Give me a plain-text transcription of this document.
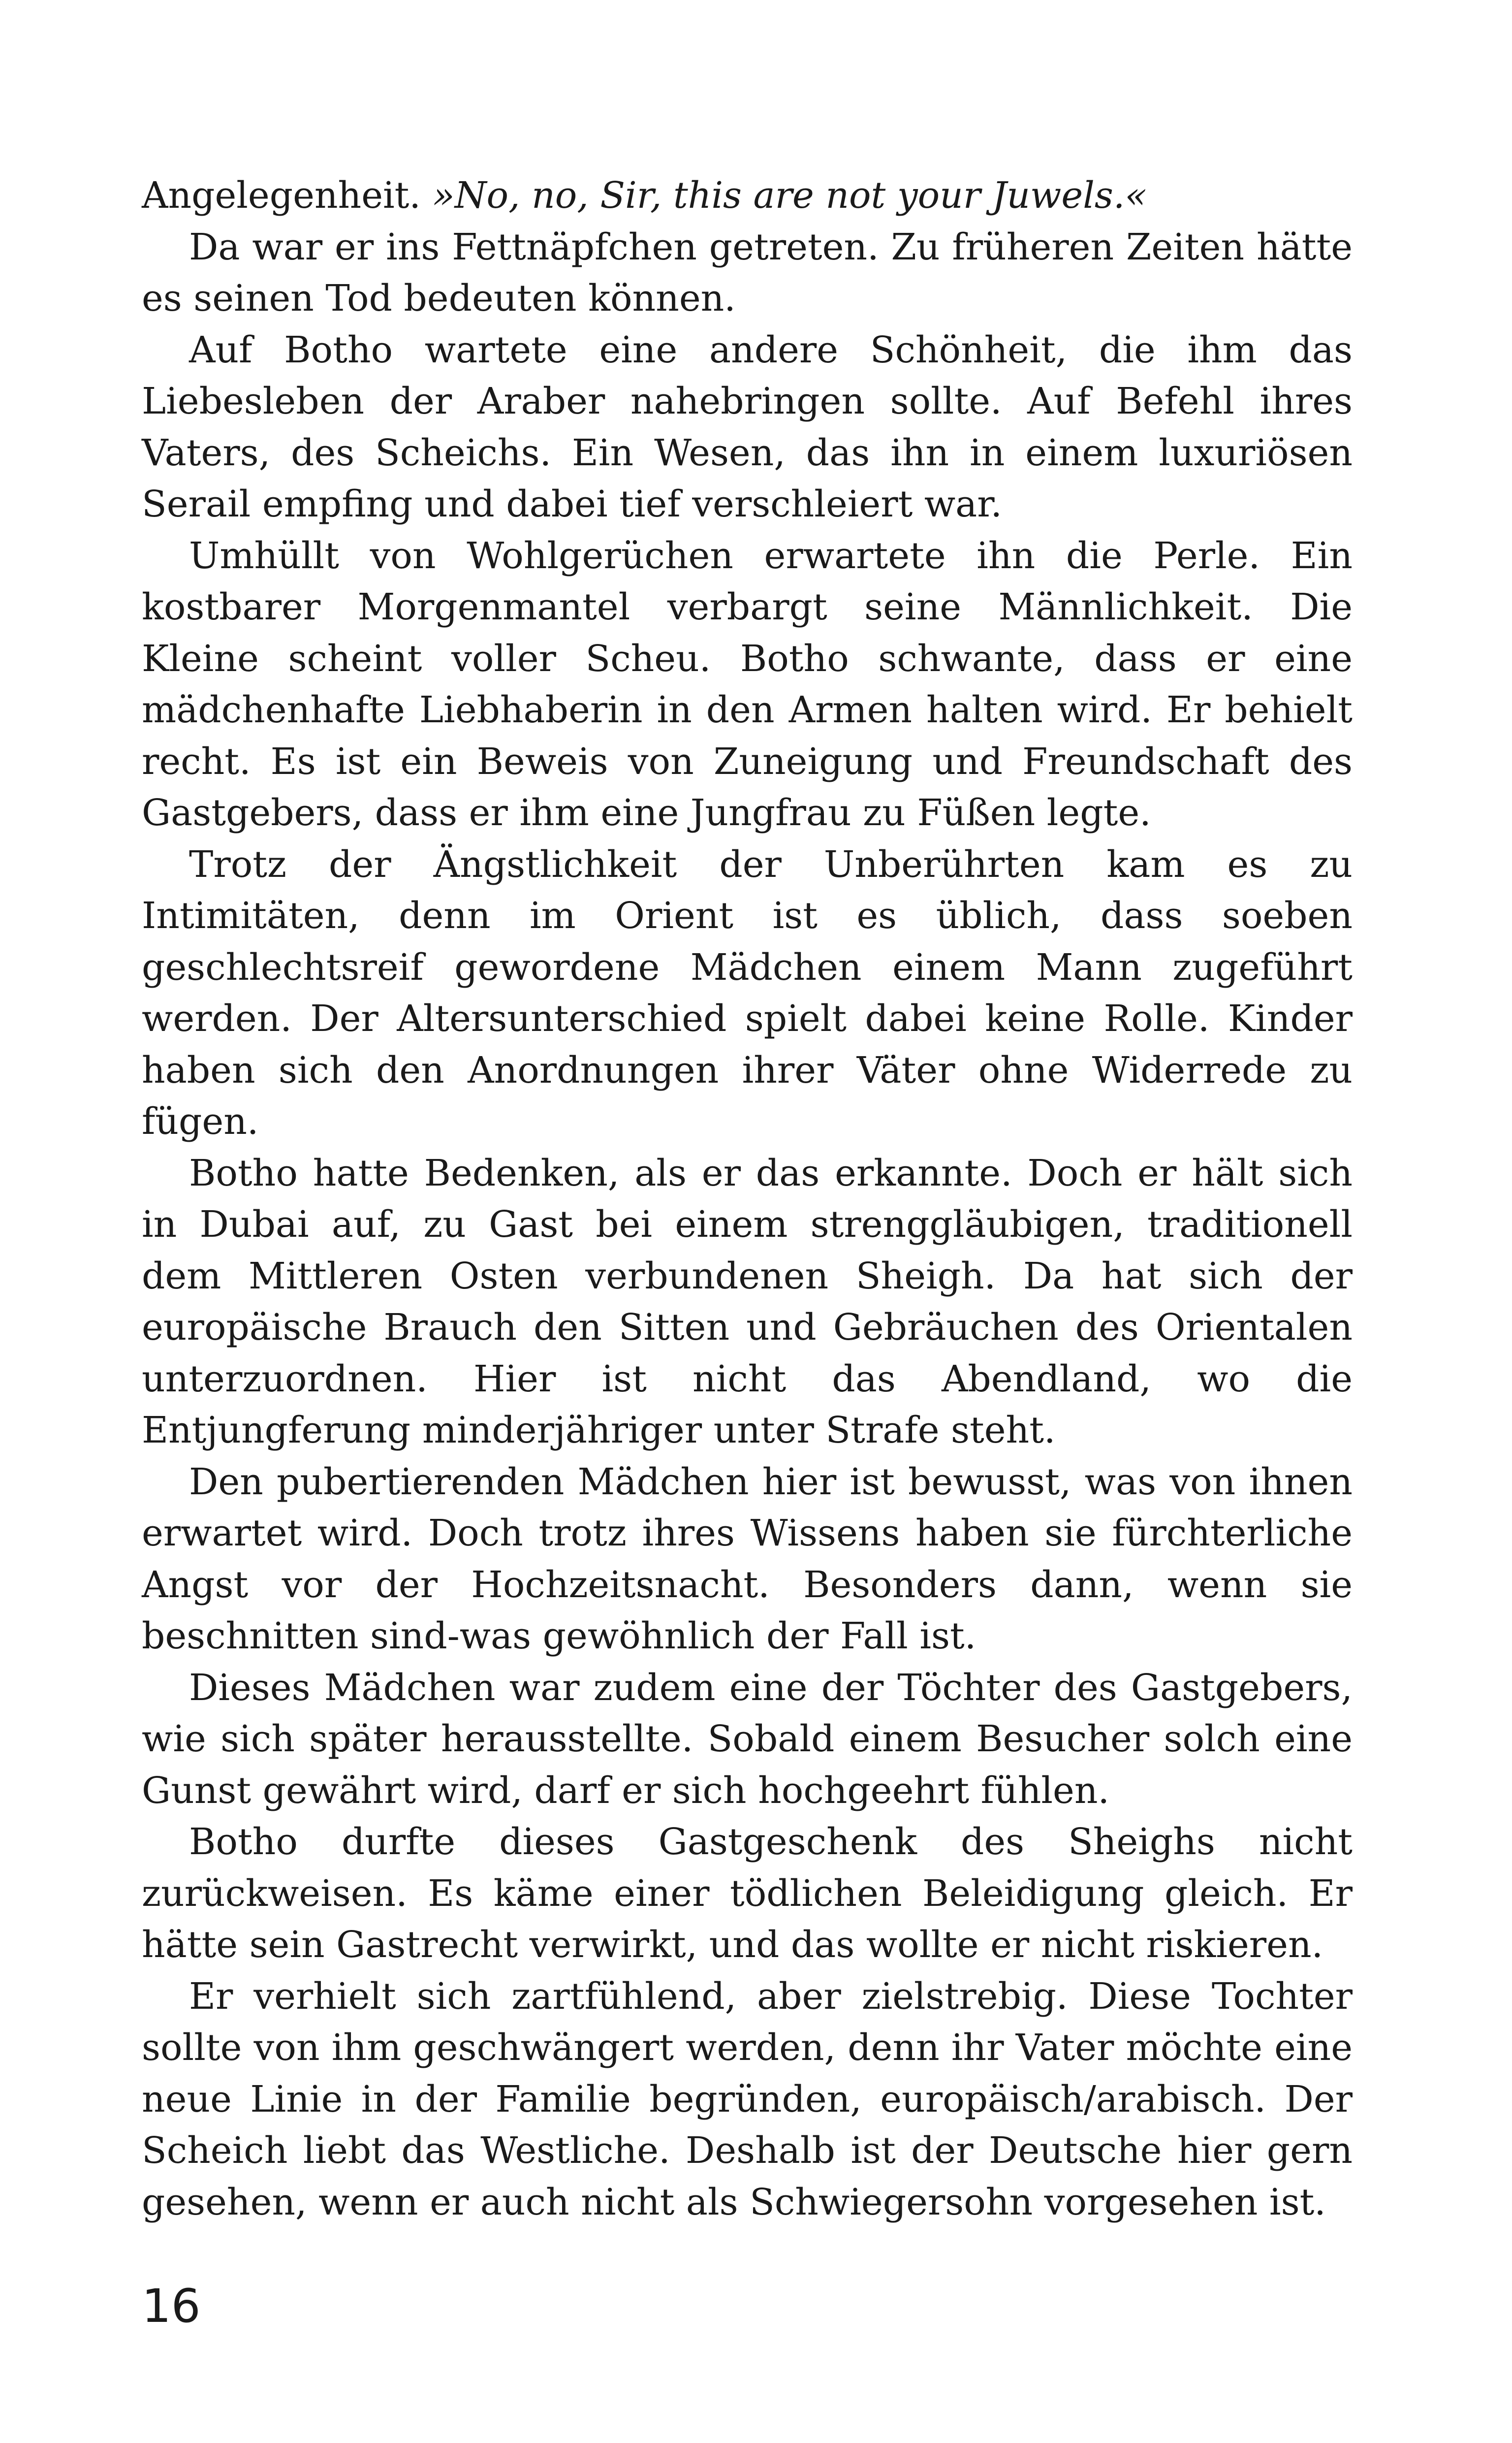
Angelegenheit. »No, no, Sir, this are not your Juwels.«

Da war er ins Fettnäpfchen getreten. Zu früheren Zeiten hätte es seinen Tod bedeuten können.

Auf Botho wartete eine andere Schönheit, die ihm das Liebesleben der Araber nahebringen sollte. Auf Befehl ihres Vaters, des Scheichs. Ein Wesen, das ihn in einem luxuriösen Serail empfing und dabei tief verschleiert war.

Umhüllt von Wohlgerüchen erwartete ihn die Perle. Ein kostbarer Morgenmantel verbargt seine Männlichkeit. Die Kleine scheint voller Scheu. Botho schwante, dass er eine mädchenhafte Liebhaberin in den Armen halten wird. Er behielt recht. Es ist ein Beweis von Zuneigung und Freundschaft des Gastgebers, dass er ihm eine Jungfrau zu Füßen legte.

Trotz der Ängstlichkeit der Unberührten kam es zu Intimitäten, denn im Orient ist es üblich, dass soeben geschlechtsreif gewordene Mädchen einem Mann zugeführt werden. Der Altersunterschied spielt dabei keine Rolle. Kinder haben sich den Anordnungen ihrer Väter ohne Widerrede zu fügen.

Botho hatte Bedenken, als er das erkannte. Doch er hält sich in Dubai auf, zu Gast bei einem strenggläubigen, traditionell dem Mittleren Osten verbundenen Sheigh. Da hat sich der europäische Brauch den Sitten und Gebräuchen des Orientalen unterzuordnen. Hier ist nicht das Abendland, wo die Entjungferung minderjähriger unter Strafe steht.

Den pubertierenden Mädchen hier ist bewusst, was von ihnen erwartet wird. Doch trotz ihres Wissens haben sie fürchterliche Angst vor der Hochzeitsnacht. Besonders dann, wenn sie beschnitten sind-was gewöhnlich der Fall ist.

Dieses Mädchen war zudem eine der Töchter des Gastgebers, wie sich später herausstellte. Sobald einem Besucher solch eine Gunst gewährt wird, darf er sich hochgeehrt fühlen.

Botho durfte dieses Gastgeschenk des Sheighs nicht zurückweisen. Es käme einer tödlichen Beleidigung gleich. Er hätte sein Gastrecht verwirkt, und das wollte er nicht riskieren.

Er verhielt sich zartfühlend, aber zielstrebig. Diese Tochter sollte von ihm geschwängert werden, denn ihr Vater möchte eine neue Linie in der Familie begründen, europäisch/arabisch. Der Scheich liebt das Westliche. Deshalb ist der Deutsche hier gern gesehen, wenn er auch nicht als Schwiegersohn vorgesehen ist.

16
